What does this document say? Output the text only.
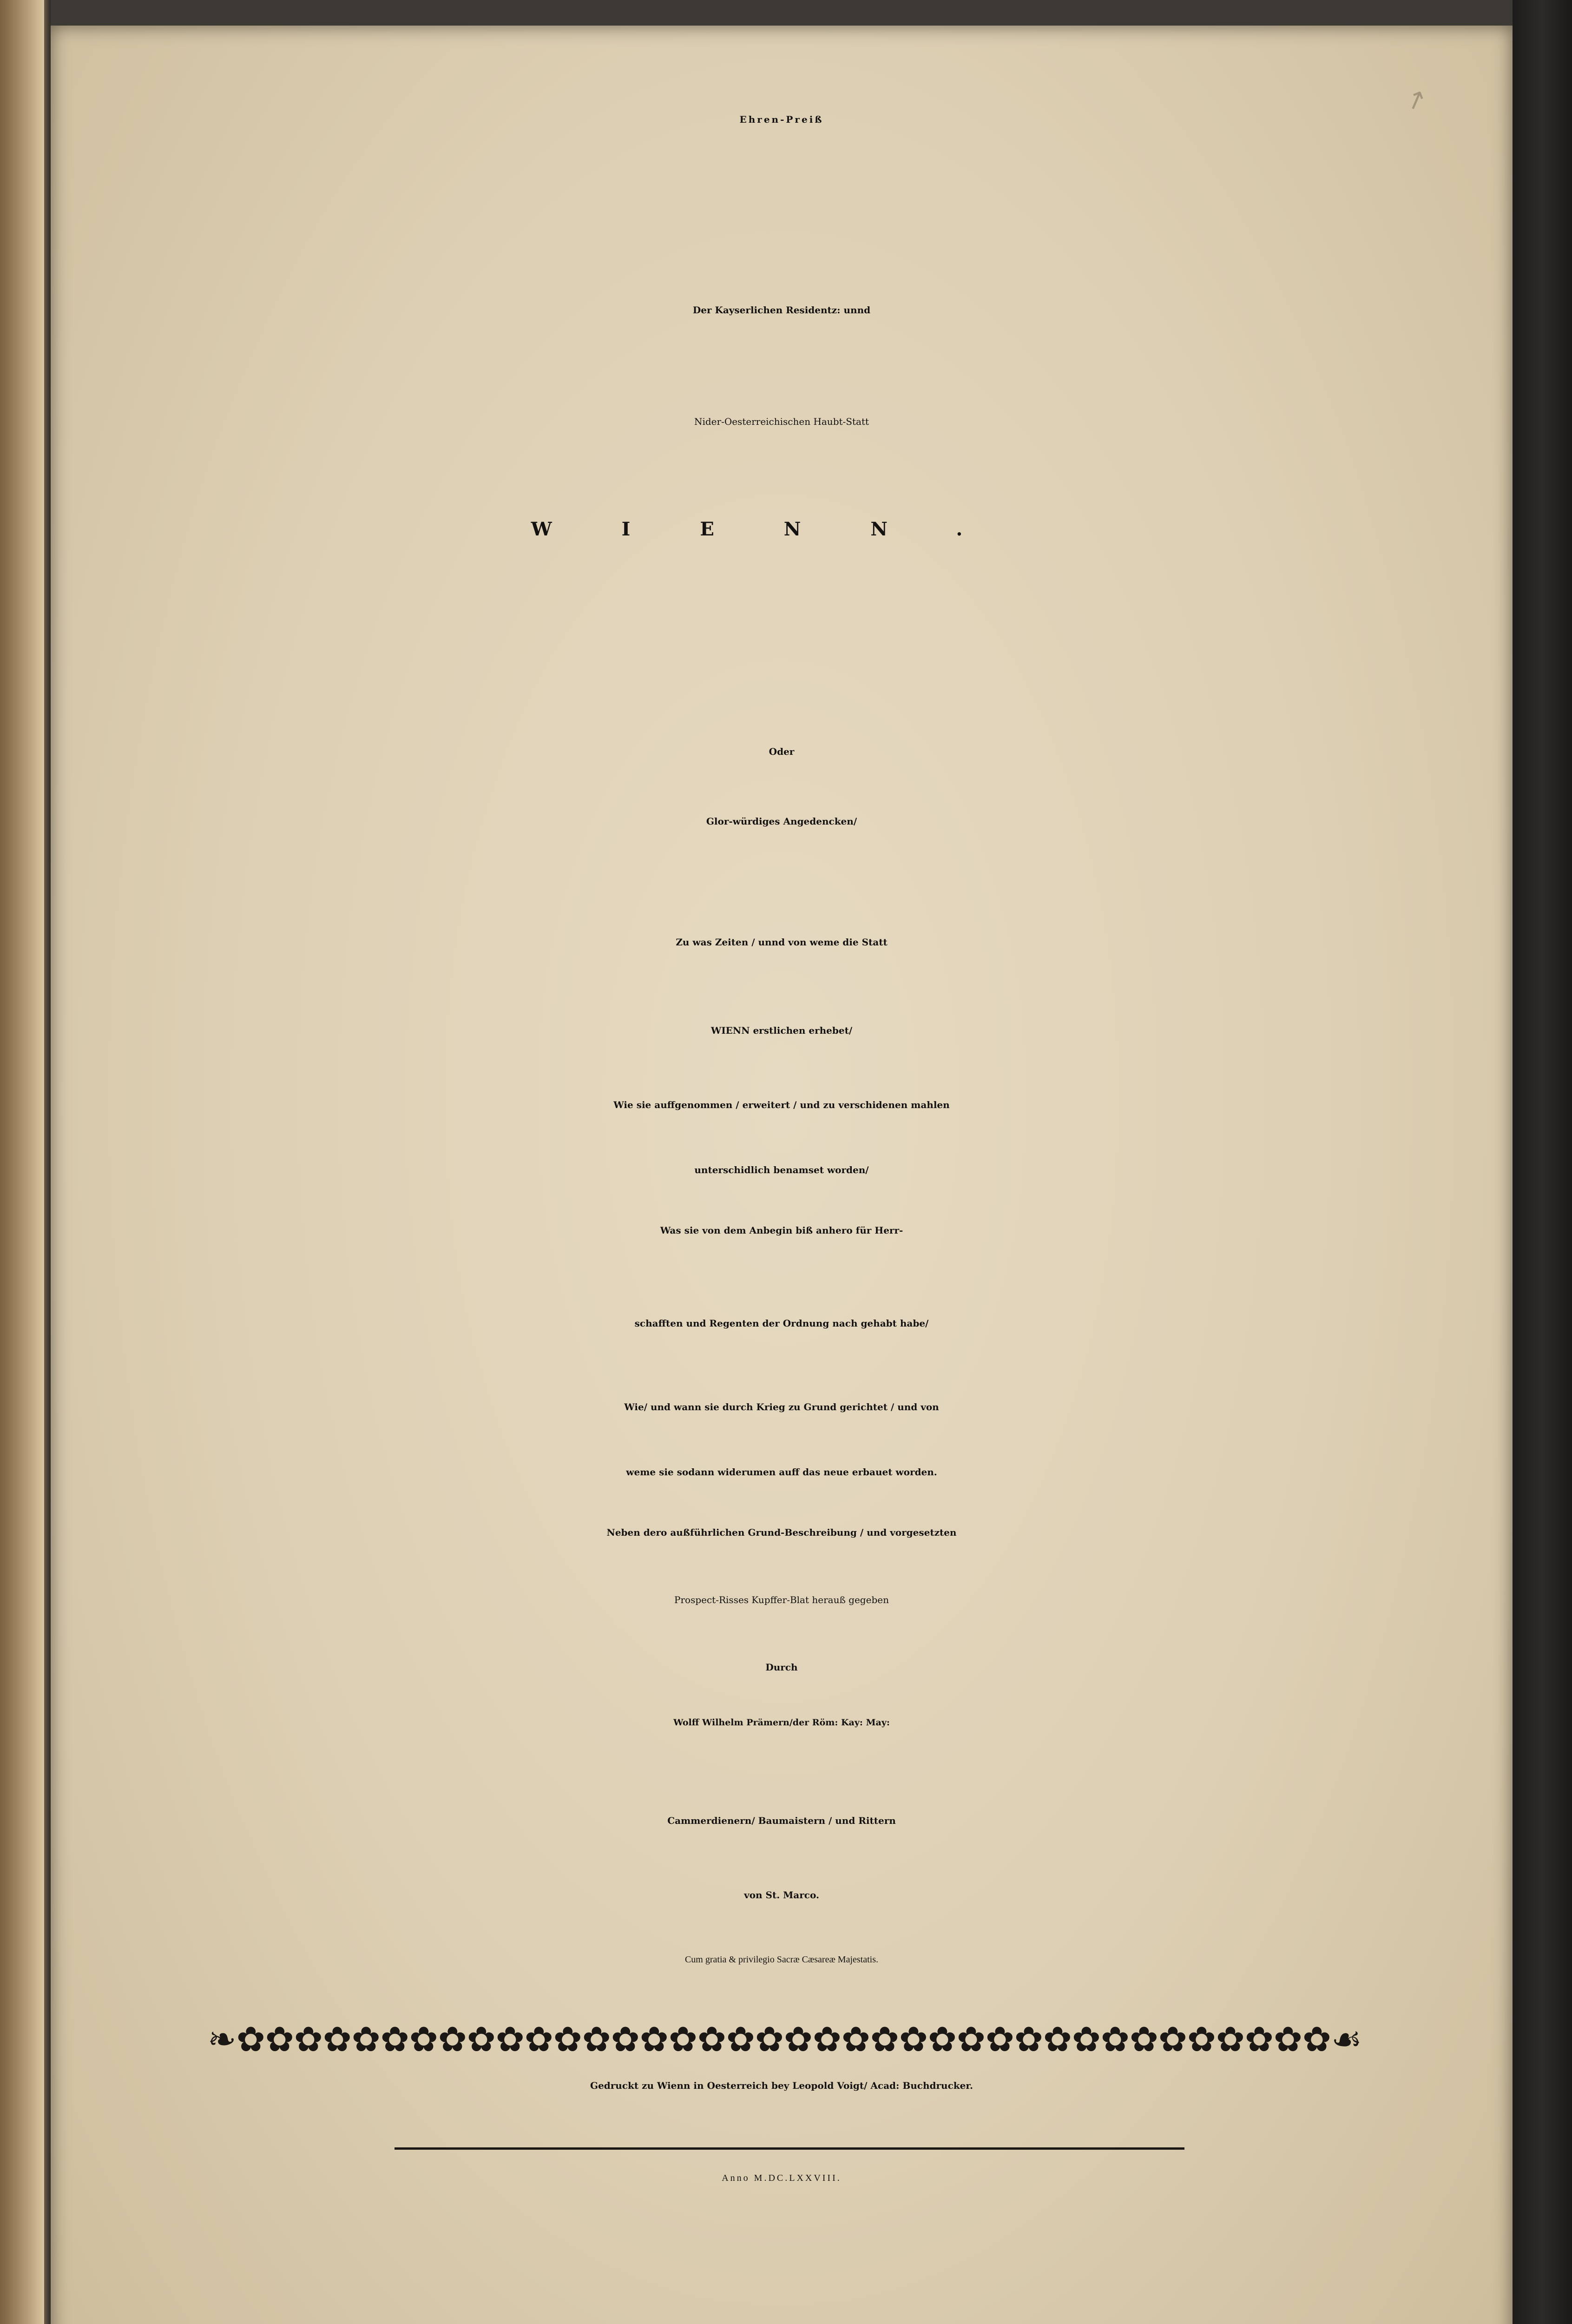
↗
Ehren-Preiß
Der Kayserlichen Residentz: unnd
Nider-Oesterreichischen Haubt-Statt
WIENN.
Oder
Glor-würdiges Angedencken/
Zu was Zeiten / unnd von weme die Statt
WIENN erstlichen erhebet/
Wie sie auffgenommen / erweitert / und zu verschidenen mahlen
unterschidlich benamset worden/
Was sie von dem Anbegin biß anhero für Herr-
schafften und Regenten der Ordnung nach gehabt habe/
Wie/ und wann sie durch Krieg zu Grund gerichtet / und von
weme sie sodann widerumen auff das neue erbauet worden.
Neben dero außführlichen Grund-Beschreibung / und vorgesetzten
Prospect-Risses Kupffer-Blat herauß gegeben
Durch
Wolff Wilhelm Prämern/der Röm: Kay: May:
Cammerdienern/ Baumaistern / und Rittern
von St. Marco.
Cum gratia & privilegio Sacræ Cæsareæ Majestatis.
❧✿✿✿✿✿✿✿✿✿✿✿✿✿✿✿✿✿✿✿✿✿✿✿✿✿✿✿✿✿✿✿✿✿✿✿✿✿✿☙
Gedruckt zu Wienn in Oesterreich bey Leopold Voigt/ Acad: Buchdrucker.
Anno M.DC.LXXVIII.
